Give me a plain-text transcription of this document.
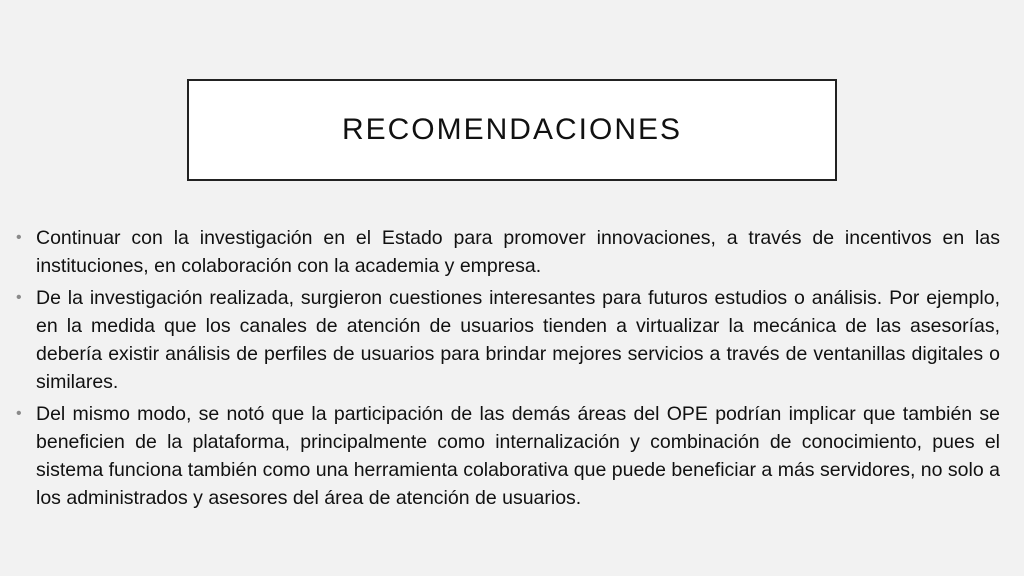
RECOMENDACIONES
• Continuar con la investigación en el Estado para promover innovaciones, a través de incentivos en las instituciones, en colaboración con la academia y empresa.
• De la investigación realizada, surgieron cuestiones interesantes para futuros estudios o análisis. Por ejemplo, en la medida que los canales de atención de usuarios tienden a virtualizar la mecánica de las asesorías, debería existir análisis de perfiles de usuarios para brindar mejores servicios a través de ventanillas digitales o similares.
• Del mismo modo, se notó que la participación de las demás áreas del OPE podrían implicar que también se beneficien de la plataforma, principalmente como internalización y combinación de conocimiento, pues el sistema funciona también como una herramienta colaborativa que puede beneficiar a más servidores, no solo a los administrados y asesores del área de atención de usuarios.
